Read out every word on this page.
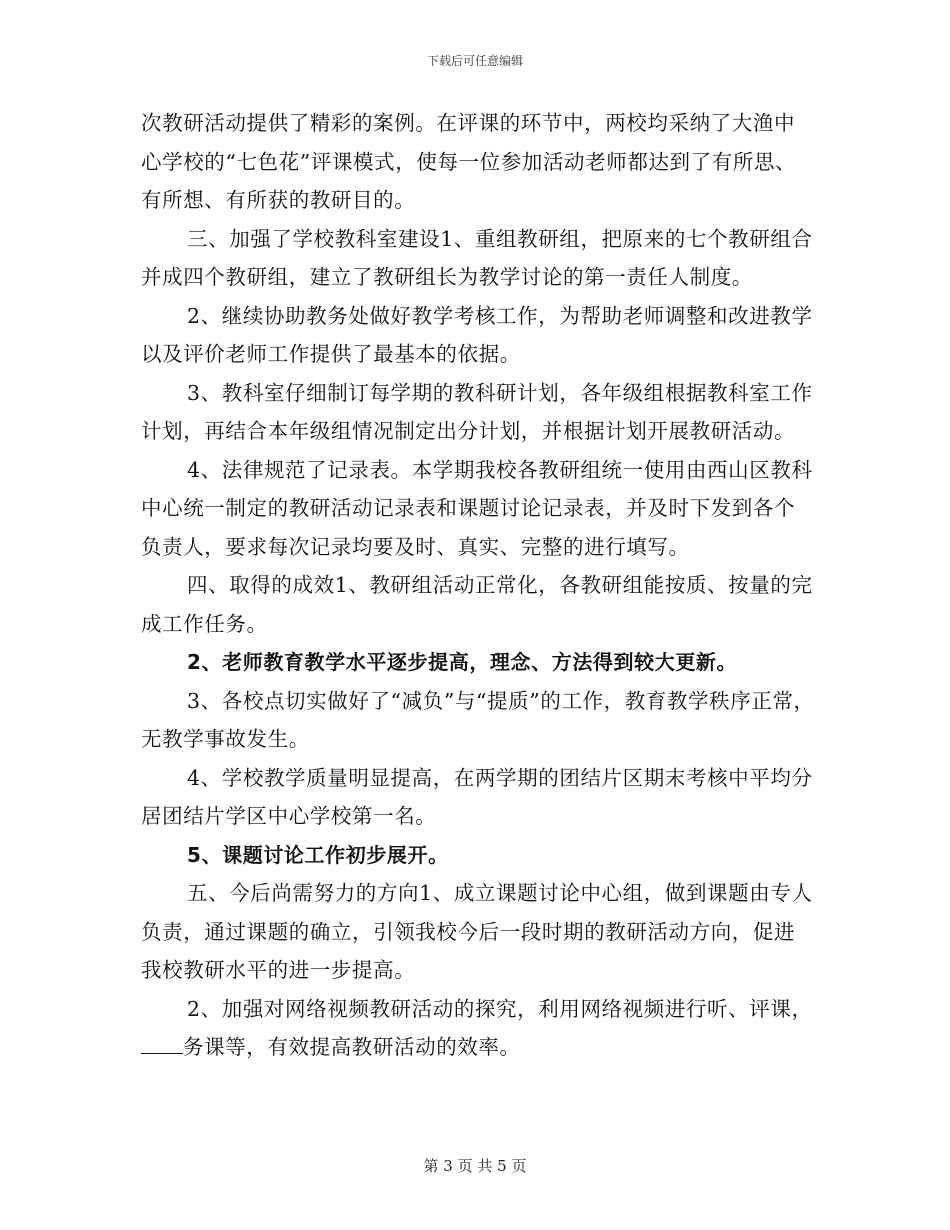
下载后可任意编辑

次教研活动提供了精彩的案例。在评课的环节中，两校均采纳了大渔中心学校的“七色花”评课模式，使每一位参加活动老师都达到了有所思、有所想、有所获的教研目的。

三、加强了学校教科室建设1、重组教研组，把原来的七个教研组合并成四个教研组，建立了教研组长为教学讨论的第一责任人制度。

2、继续协助教务处做好教学考核工作，为帮助老师调整和改进教学以及评价老师工作提供了最基本的依据。

3、教科室仔细制订每学期的教科研计划，各年级组根据教科室工作计划，再结合本年级组情况制定出分计划，并根据计划开展教研活动。

4、法律规范了记录表。本学期我校各教研组统一使用由西山区教科中心统一制定的教研活动记录表和课题讨论记录表，并及时下发到各个负责人，要求每次记录均要及时、真实、完整的进行填写。

四、取得的成效1、教研组活动正常化，各教研组能按质、按量的完成工作任务。

2、老师教育教学水平逐步提高，理念、方法得到较大更新。

3、各校点切实做好了“减负”与“提质”的工作，教育教学秩序正常，无教学事故发生。

4、学校教学质量明显提高，在两学期的团结片区期末考核中平均分居团结片学区中心学校第一名。

5、课题讨论工作初步展开。

五、今后尚需努力的方向1、成立课题讨论中心组，做到课题由专人负责，通过课题的确立，引领我校今后一段时期的教研活动方向，促进我校教研水平的进一步提高。

2、加强对网络视频教研活动的探究，利用网络视频进行听、评课，

务课等，有效提高教研活动的效率。

第 3 页 共 5 页
